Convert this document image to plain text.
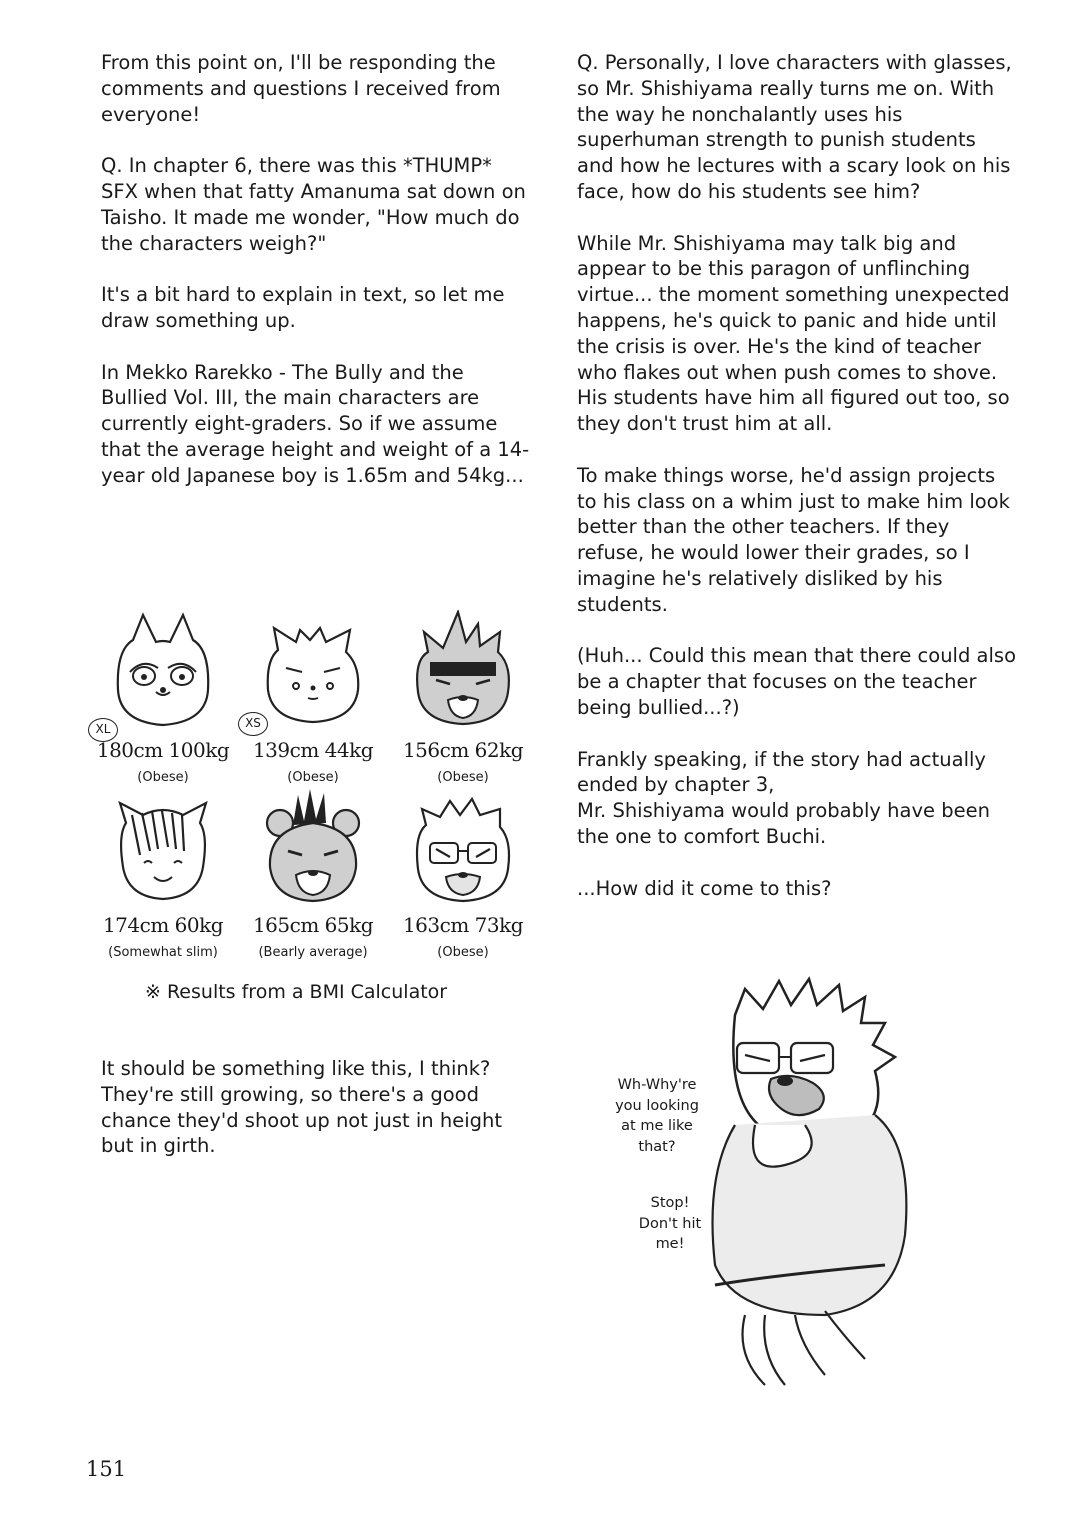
From this point on, I'll be responding the comments and questions I received from everyone!

Q. In chapter 6, there was this *THUMP* SFX when that fatty Amanuma sat down on Taisho. It made me wonder, "How much do the characters weigh?"

It's a bit hard to explain in text, so let me draw something up.

In Mekko Rarekko - The Bully and the Bullied Vol. III, the main characters are currently eight-graders. So if we assume that the average height and weight of a 14-year old Japanese boy is 1.65m and 54kg...

XL
180cm 100kg
(Obese)
XS
139cm 44kg
(Obese)
156cm 62kg
(Obese)
174cm 60kg
(Somewhat slim)
165cm 65kg
(Bearly average)
163cm 73kg
(Obese)
※ Results from a BMI Calculator
It should be something like this, I think? They're still growing, so there's a good chance they'd shoot up not just in height but in girth.

Q. Personally, I love characters with glasses, so Mr. Shishiyama really turns me on. With the way he nonchalantly uses his superhuman strength to punish students and how he lectures with a scary look on his face, how do his students see him?

While Mr. Shishiyama may talk big and appear to be this paragon of unflinching virtue... the moment something unexpected happens, he's quick to panic and hide until the crisis is over. He's the kind of teacher who flakes out when push comes to shove. His students have him all figured out too, so they don't trust him at all.

To make things worse, he'd assign projects to his class on a whim just to make him look better than the other teachers. If they refuse, he would lower their grades, so I imagine he's relatively disliked by his students.

(Huh... Could this mean that there could also be a chapter that focuses on the teacher being bullied...?)

Frankly speaking, if the story had actually ended by chapter 3,
Mr. Shishiyama would probably have been the one to comfort Buchi.

...How did it come to this?

Wh-Why're
you looking
at me like
that?
Stop!
Don't hit
me!
151
